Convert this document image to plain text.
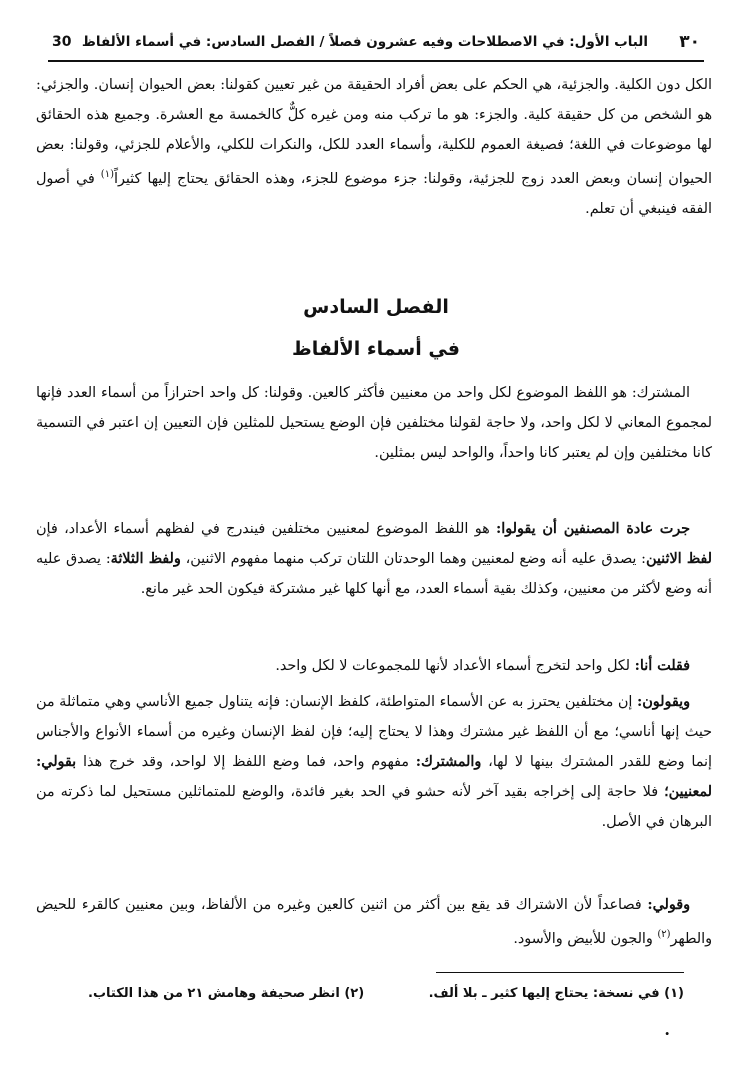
٣٠
الباب الأول: في الاصطلاحات وفيه عشرون فصلاً / الفصل السادس: في أسماء الألفاظ
30

الكل دون الكلية. والجزئية، هي الحكم على بعض أفراد الحقيقة من غير تعيين كقولنا: بعض الحيوان إنسان. والجزئي: هو الشخص من كل حقيقة كلية. والجزء: هو ما تركب منه ومن غيره كلٌّ كالخمسة مع العشرة. وجميع هذه الحقائق لها موضوعات في اللغة؛ فصيغة العموم للكلية، وأسماء العدد للكل، والنكرات للكلي، والأعلام للجزئي، وقولنا: بعض الحيوان إنسان وبعض العدد زوج للجزئية، وقولنا: جزء موضوع للجزء، وهذه الحقائق يحتاج إليها كثيراً$^{(١)}$ في أصول الفقه فينبغي أن تعلم.

الفصل السادس
في أسماء الألفاظ

المشترك: هو اللفظ الموضوع لكل واحد من معنيين فأكثر كالعين. وقولنا: كل واحد احترازاً من أسماء العدد فإنها لمجموع المعاني لا لكل واحد، ولا حاجة لقولنا مختلفين فإن الوضع يستحيل للمثلين فإن التعيين إن اعتبر في التسمية كانا مختلفين وإن لم يعتبر كانا واحداً، والواحد ليس بمثلين.

جرت عادة المصنفين أن يقولوا: هو اللفظ الموضوع لمعنيين مختلفين فيندرج في لفظهم أسماء الأعداد، فإن لفظ الاثنين: يصدق عليه أنه وضع لمعنيين وهما الوحدتان اللتان تركب منهما مفهوم الاثنين، ولفظ الثلاثة: يصدق عليه أنه وضع لأكثر من معنيين، وكذلك بقية أسماء العدد، مع أنها كلها غير مشتركة فيكون الحد غير مانع.

فقلت أنا: لكل واحد لتخرج أسماء الأعداد لأنها للمجموعات لا لكل واحد.

ويقولون: إن مختلفين يحترز به عن الأسماء المتواطئة، كلفظ الإنسان: فإنه يتناول جميع الأناسي وهي متماثلة من حيث إنها أناسي؛ مع أن اللفظ غير مشترك وهذا لا يحتاج إليه؛ فإن لفظ الإنسان وغيره من أسماء الأنواع والأجناس إنما وضع للقدر المشترك بينها لا لها، والمشترك: مفهوم واحد، فما وضع اللفظ إلا لواحد، وقد خرج هذا بقولي: لمعنيين؛ فلا حاجة إلى إخراجه بقيد آخر لأنه حشو في الحد بغير فائدة، والوضع للمتماثلين مستحيل لما ذكرته من البرهان في الأصل.

وقولي: فصاعداً لأن الاشتراك قد يقع بين أكثر من اثنين كالعين وغيره من الألفاظ، وبين معنيين كالقرء للحيض والطهر$^{(٢)}$ والجون للأبيض والأسود.

(١) في نسخة: يحتاج إليها كثير ـ بلا ألف.
(٢) انظر صحيفة وهامش ٢١ من هذا الكتاب.
.
